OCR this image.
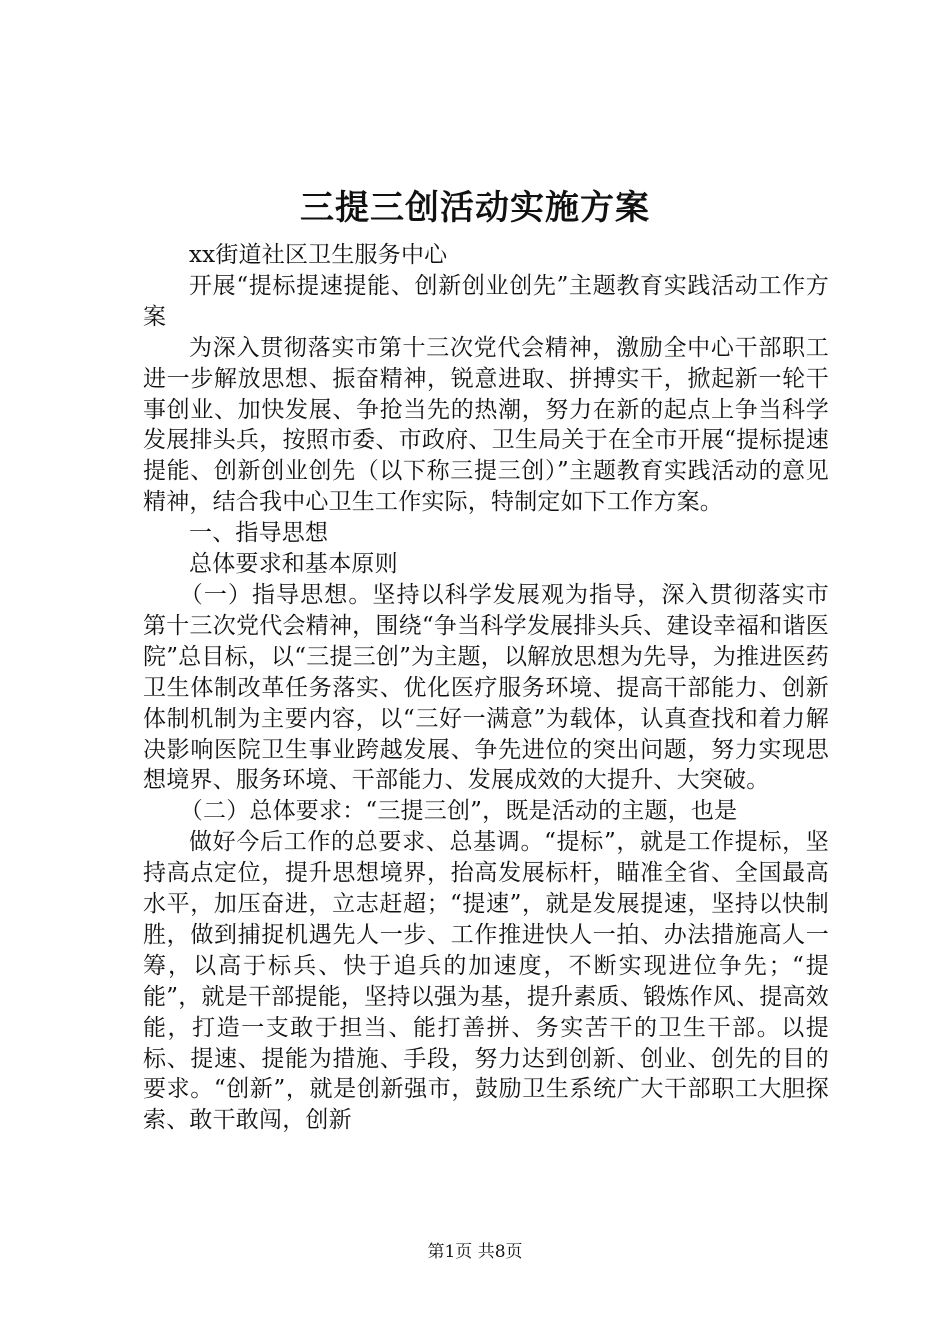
三提三创活动实施方案

xx街道社区卫生服务中心

开展“提标提速提能、创新创业创先”主题教育实践活动工作方案

为深入贯彻落实市第十三次党代会精神，激励全中心干部职工进一步解放思想、振奋精神，锐意进取、拼搏实干，掀起新一轮干事创业、加快发展、争抢当先的热潮，努力在新的起点上争当科学发展排头兵，按照市委、市政府、卫生局关于在全市开展“提标提速提能、创新创业创先（以下称三提三创）”主题教育实践活动的意见精神，结合我中心卫生工作实际，特制定如下工作方案。

一、指导思想

总体要求和基本原则

（一）指导思想。坚持以科学发展观为指导，深入贯彻落实市第十三次党代会精神，围绕“争当科学发展排头兵、建设幸福和谐医院”总目标，以“三提三创”为主题，以解放思想为先导，为推进医药卫生体制改革任务落实、优化医疗服务环境、提高干部能力、创新体制机制为主要内容，以“三好一满意”为载体，认真查找和着力解决影响医院卫生事业跨越发展、争先进位的突出问题，努力实现思想境界、服务环境、干部能力、发展成效的大提升、大突破。

（二）总体要求：“三提三创”，既是活动的主题，也是

做好今后工作的总要求、总基调。“提标”，就是工作提标，坚持高点定位，提升思想境界，抬高发展标杆，瞄准全省、全国最高水平，加压奋进，立志赶超；“提速”，就是发展提速，坚持以快制胜，做到捕捉机遇先人一步、工作推进快人一拍、办法措施高人一筹，以高于标兵、快于追兵的加速度，不断实现进位争先；“提能”，就是干部提能，坚持以强为基，提升素质、锻炼作风、提高效能，打造一支敢于担当、能打善拼、务实苦干的卫生干部。以提标、提速、提能为措施、手段，努力达到创新、创业、创先的目的要求。“创新”，就是创新强市，鼓励卫生系统广大干部职工大胆探索、敢干敢闯，创新

第1页 共8页
